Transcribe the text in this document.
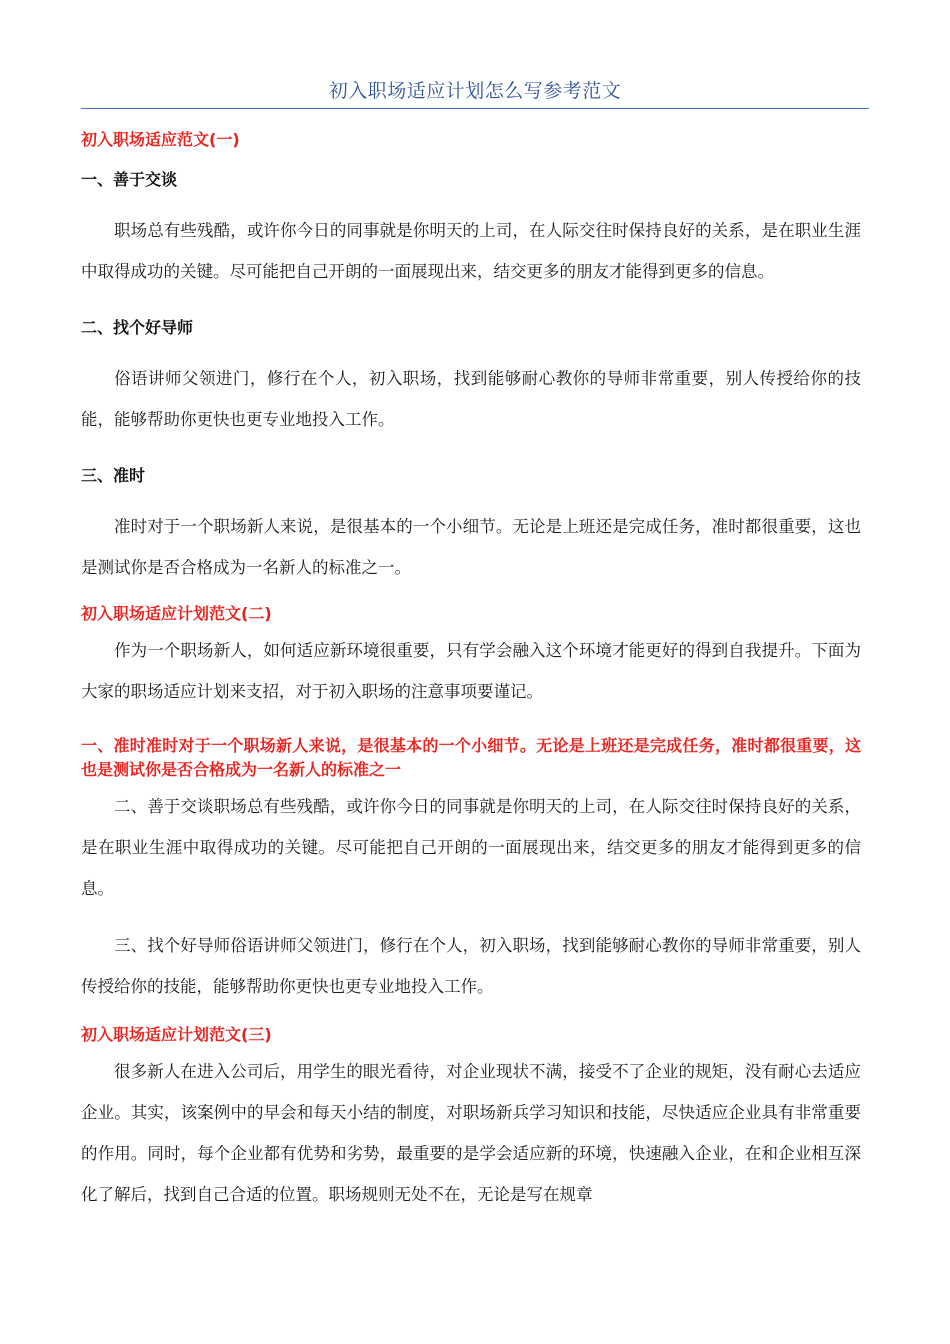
初入职场适应计划怎么写参考范文

初入职场适应范文(一)

一、善于交谈

职场总有些残酷，或许你今日的同事就是你明天的上司，在人际交往时保持良好的关系，是在职业生涯中取得成功的关键。尽可能把自己开朗的一面展现出来，结交更多的朋友才能得到更多的信息。

二、找个好导师

俗语讲师父领进门，修行在个人，初入职场，找到能够耐心教你的导师非常重要，别人传授给你的技能，能够帮助你更快也更专业地投入工作。

三、准时

准时对于一个职场新人来说，是很基本的一个小细节。无论是上班还是完成任务，准时都很重要，这也是测试你是否合格成为一名新人的标准之一。

初入职场适应计划范文(二)

作为一个职场新人，如何适应新环境很重要，只有学会融入这个环境才能更好的得到自我提升。下面为大家的职场适应计划来支招，对于初入职场的注意事项要谨记。

一、准时准时对于一个职场新人来说，是很基本的一个小细节。无论是上班还是完成任务，准时都很重要，这也是测试你是否合格成为一名新人的标准之一

二、善于交谈职场总有些残酷，或许你今日的同事就是你明天的上司，在人际交往时保持良好的关系，是在职业生涯中取得成功的关键。尽可能把自己开朗的一面展现出来，结交更多的朋友才能得到更多的信息。

三、找个好导师俗语讲师父领进门，修行在个人，初入职场，找到能够耐心教你的导师非常重要，别人传授给你的技能，能够帮助你更快也更专业地投入工作。

初入职场适应计划范文(三)

很多新人在进入公司后，用学生的眼光看待，对企业现状不满，接受不了企业的规矩，没有耐心去适应企业。其实，该案例中的早会和每天小结的制度，对职场新兵学习知识和技能，尽快适应企业具有非常重要的作用。同时，每个企业都有优势和劣势，最重要的是学会适应新的环境，快速融入企业，在和企业相互深化了解后，找到自己合适的位置。职场规则无处不在，无论是写在规章
